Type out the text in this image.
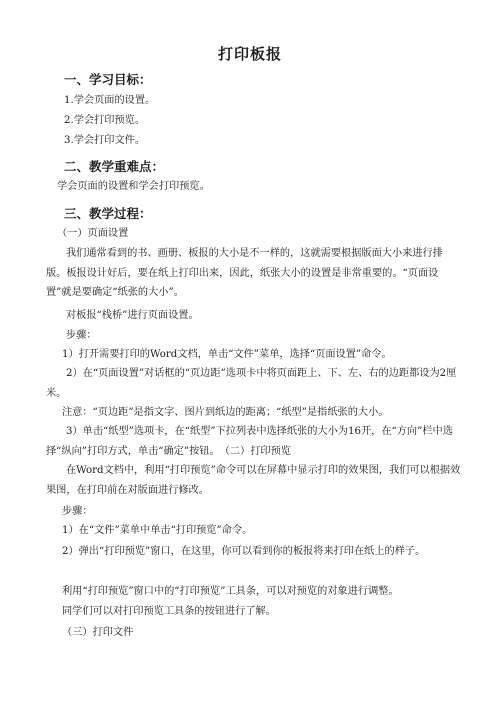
打印板报
一、学习目标：
1.学会页面的设置。
2.学会打印预览。
3.学会打印文件。
二、教学重难点：
学会页面的设置和学会打印预览。
三、教学过程：
（一）页面设置
我们通常看到的书、画册、板报的大小是不一样的，这就需要根据版面大小来进行排版。板报设计好后，要在纸上打印出来，因此，纸张大小的设置是非常重要的。“页面设置”就是要确定“纸张的大小”。
对板报“栈桥”进行页面设置。
步骤：
1）打开需要打印的Word文档，单击“文件”菜单，选择“页面设置”命令。
2）在“页面设置”对话框的“页边距”选项卡中将页面距上、下、左、右的边距都设为2厘米。
注意：“页边距”是指文字、图片到纸边的距离；“纸型”是指纸张的大小。
3）单击“纸型”选项卡，在“纸型”下拉列表中选择纸张的大小为16开，在“方向”栏中选择“纵向”打印方式，单击“确定”按钮。　（二）打印预览
在Word文档中，利用“打印预览”命令可以在屏幕中显示打印的效果图，我们可以根据效果图，在打印前在对版面进行修改。
步骤：
1）在“文件”菜单中单击“打印预览”命令。
2）弹出“打印预览”窗口，在这里，你可以看到你的板报将来打印在纸上的样子。
利用“打印预览”窗口中的“打印预览”工具条，可以对预览的对象进行调整。
同学们可以对打印预览工具条的按钮进行了解。
（三）打印文件
